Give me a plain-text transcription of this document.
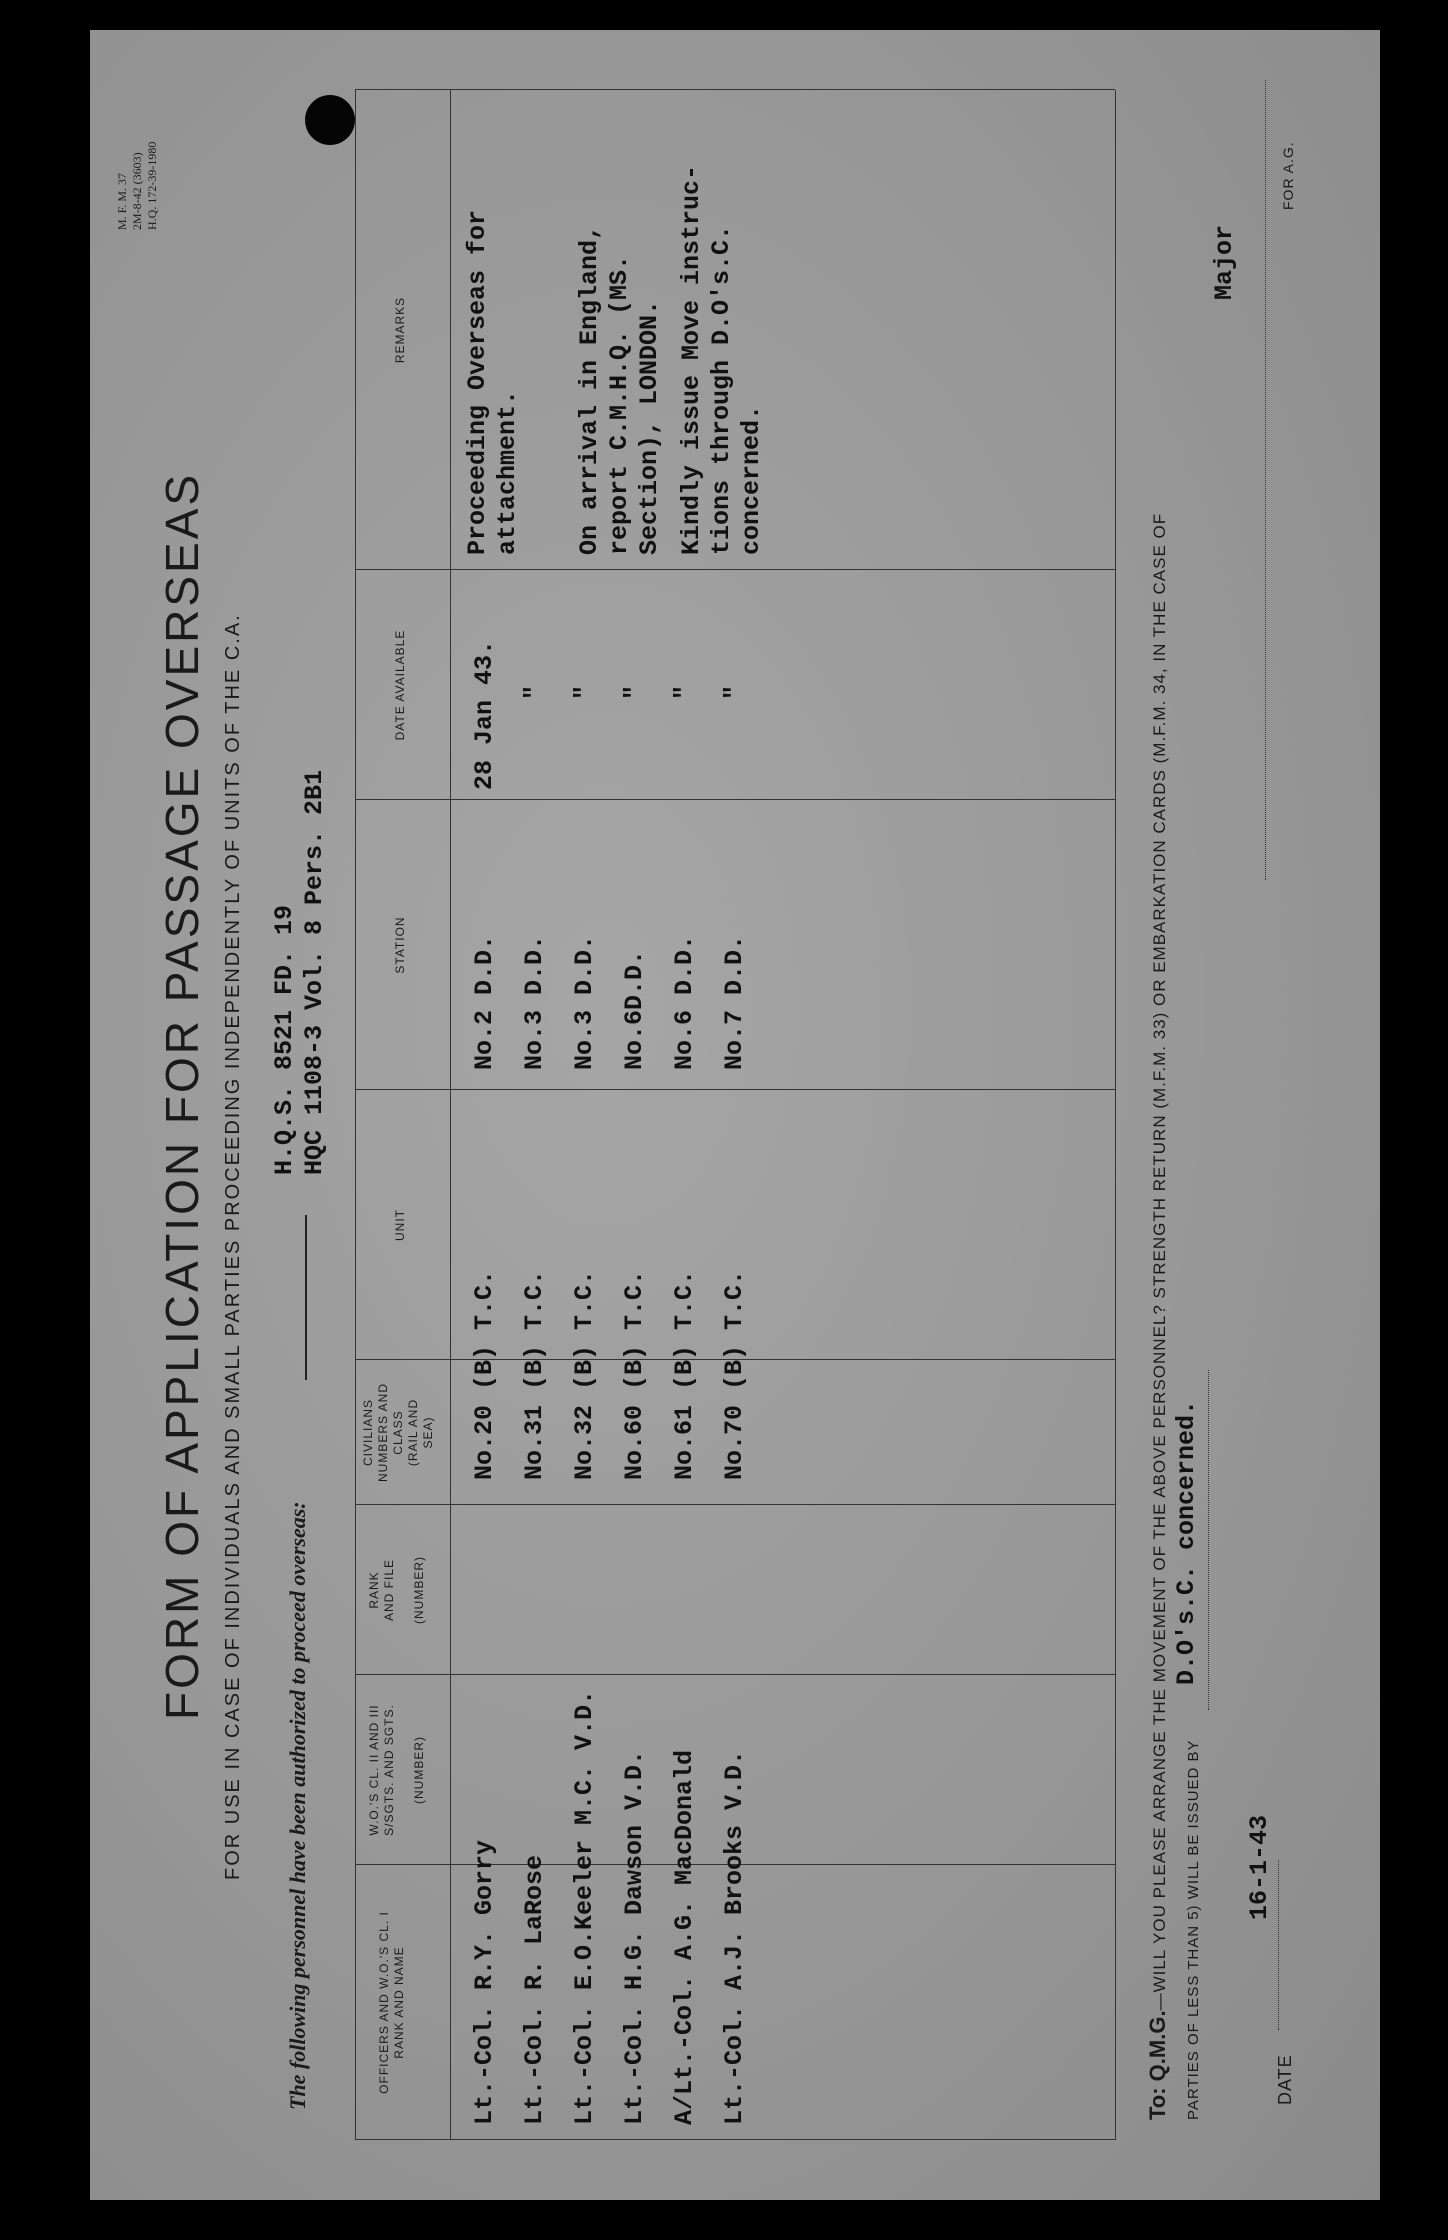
M. F. M. 37 2M-8-42 (3603) H.Q. 172-39-1980
FORM OF APPLICATION FOR PASSAGE OVERSEAS FOR USE IN CASE OF INDIVIDUALS AND SMALL PARTIES PROCEEDING INDEPENDENTLY OF UNITS OF THE C.A. The following personnel have been authorized to proceed overseas:
H.Q.S. 8521 FD. 19 HQC 1108-3 Vol. 8 Pers. 2B1
OFFICERS AND W.O.'S CL. I RANK AND NAME
W.O.'S CL. II AND III S/SGTS. AND SGTS. (NUMBER)
RANK AND FILE (NUMBER)
CIVILIANS NUMBERS AND CLASS (RAIL AND SEA)
UNIT
STATION
DATE AVAILABLE
REMARKS
Lt.-Col. R.Y. Gorry Lt.-Col. R. LaRose Lt.-Col. E.O.Keeler M.C. V.D. Lt.-Col. H.G. Dawson V.D. A/Lt.-Col. A.G. MacDonald Lt.-Col. A.J. Brooks V.D.
No.20 (B) T.C. No.31 (B) T.C. No.32 (B) T.C. No.60 (B) T.C. No.61 (B) T.C. No.70 (B) T.C.
No.2 D.D. No.3 D.D. No.3 D.D. No.6D.D. No.6 D.D. No.7 D.D.
28 Jan 43. " " " " "
Proceeding Overseas for attachment. On arrival in England, report C.M.H.Q. (MS. Section), LONDON. Kindly issue Move instruc- tions through D.O's.C. concerned.
To: Q.M.G.—WILL YOU PLEASE ARRANGE THE MOVEMENT OF THE ABOVE PERSONNEL? STRENGTH RETURN (M.F.M. 33) OR EMBARKATION CARDS (M.F.M. 34, IN THE CASE OF PARTIES OF LESS THAN 5) WILL BE ISSUED BY
D.O's.C. concerned.
DATE
16-1-43
Major
FOR A.G.
